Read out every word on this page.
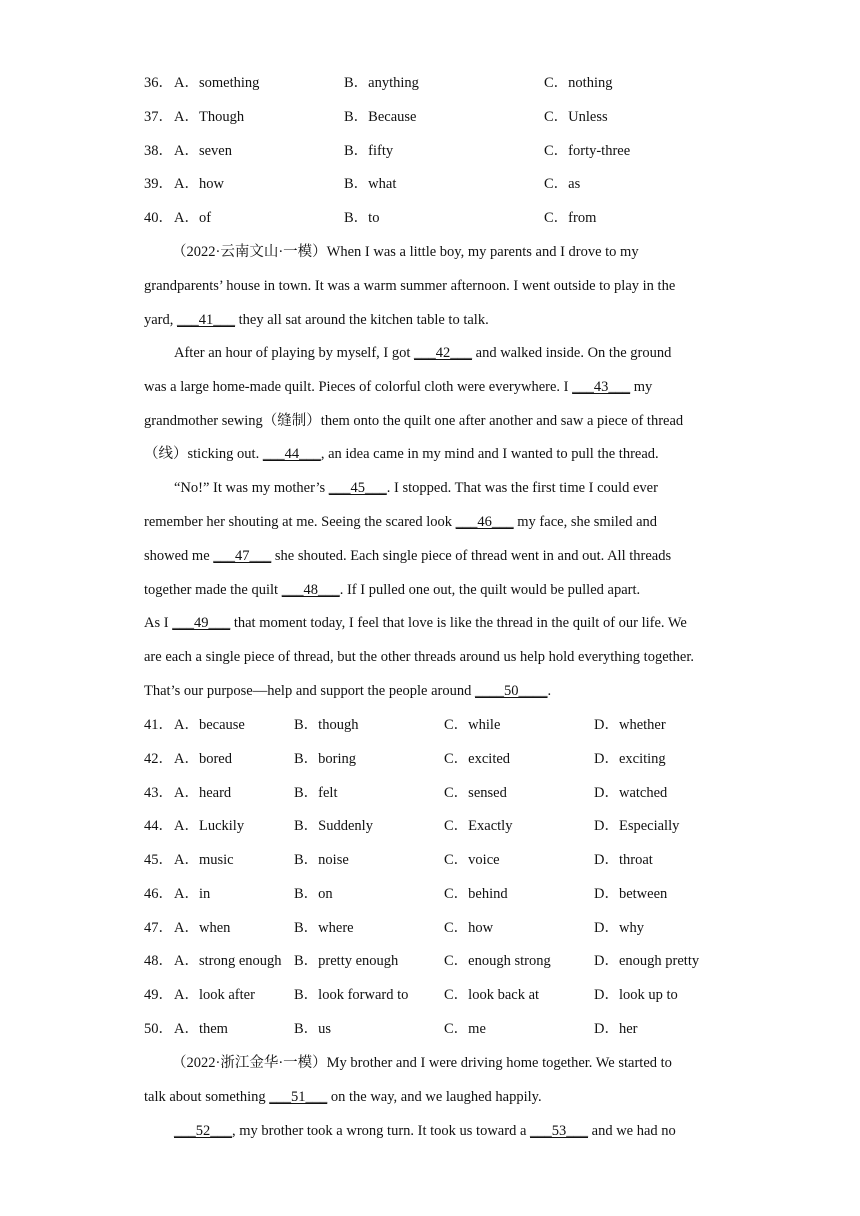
36． A．something	B．anything	C．nothing
37． A．Though	B．Because	C．Unless
38． A．seven	B．fifty	C．forty-three
39． A．how	B．what	C．as
40． A．of	B．to	C．from
（2022·云南文山·一模）When I was a little boy, my parents and I drove to my
grandparents’ house in town. It was a warm summer afternoon. I went outside to play in the
yard, ___41___ they all sat around the kitchen table to talk.
After an hour of playing by myself, I got ___42___ and walked inside. On the ground
was a large home-made quilt. Pieces of colorful cloth were everywhere. I ___43___ my
grandmother sewing（缝制）them onto the quilt one after another and saw a piece of thread
（线）sticking out. ___44___, an idea came in my mind and I wanted to pull the thread.
“No!” It was my mother’s ___45___. I stopped. That was the first time I could ever
remember her shouting at me. Seeing the scared look ___46___ my face, she smiled and
showed me ___47___ she shouted. Each single piece of thread went in and out. All threads
together made the quilt ___48___. If I pulled one out, the quilt would be pulled apart.
As I ___49___ that moment today, I feel that love is like the thread in the quilt of our life. We
are each a single piece of thread, but the other threads around us help hold everything together.
That’s our purpose—help and support the people around ____50____.
41． A．because	B．though	C．while	D．whether
42． A．bored	B．boring	C．excited	D．exciting
43． A．heard	B．felt	C．sensed	D．watched
44． A．Luckily	B．Suddenly	C．Exactly	D．Especially
45． A．music	B．noise	C．voice	D．throat
46． A．in	B．on	C．behind	D．between
47． A．when	B．where	C．how	D．why
48． A．strong enough B．pretty enough	C．enough strong	D．enough pretty
49． A．look after	B．look forward to C．look back at	D．look up to
50． A．them	B．us	C．me	D．her
（2022·浙江金华·一模）My brother and I were driving home together. We started to
talk about something ___51___ on the way, and we laughed happily.
___52___, my brother took a wrong turn. It took us toward a ___53___ and we had no
